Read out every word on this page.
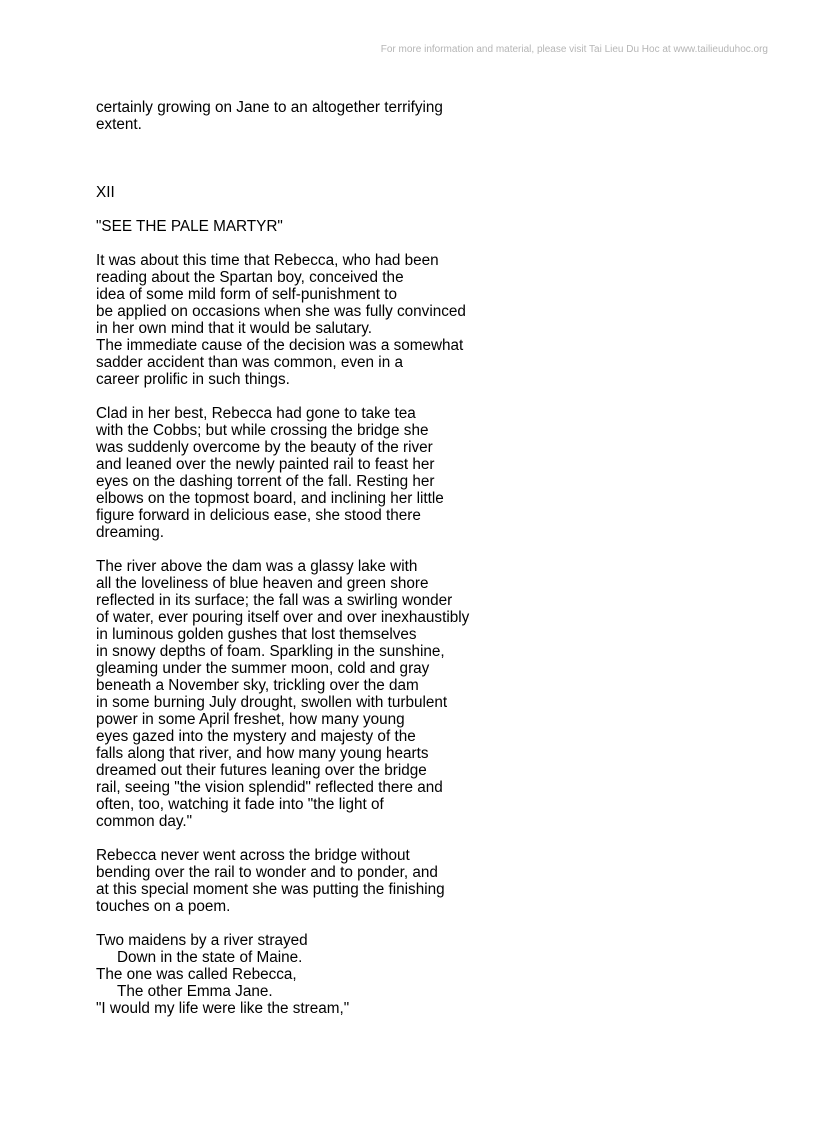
For more information and material, please visit Tai Lieu Du Hoc at www.tailieuduhoc.org
certainly growing on Jane to an altogether terrifying
extent.
XII
"SEE THE PALE MARTYR"
It was about this time that Rebecca, who had been
reading about the Spartan boy, conceived the
idea of some mild form of self-punishment to
be applied on occasions when she was fully convinced
in her own mind that it would be salutary.
The immediate cause of the decision was a somewhat
sadder accident than was common, even in a
career prolific in such things.
Clad in her best, Rebecca had gone to take tea
with the Cobbs; but while crossing the bridge she
was suddenly overcome by the beauty of the river
and leaned over the newly painted rail to feast her
eyes on the dashing torrent of the fall. Resting her
elbows on the topmost board, and inclining her little
figure forward in delicious ease, she stood there
dreaming.
The river above the dam was a glassy lake with
all the loveliness of blue heaven and green shore
reflected in its surface; the fall was a swirling wonder
of water, ever pouring itself over and over inexhaustibly
in luminous golden gushes that lost themselves
in snowy depths of foam. Sparkling in the sunshine,
gleaming under the summer moon, cold and gray
beneath a November sky, trickling over the dam
in some burning July drought, swollen with turbulent
power in some April freshet, how many young
eyes gazed into the mystery and majesty of the
falls along that river, and how many young hearts
dreamed out their futures leaning over the bridge
rail, seeing "the vision splendid" reflected there and
often, too, watching it fade into "the light of
common day."
Rebecca never went across the bridge without
bending over the rail to wonder and to ponder, and
at this special moment she was putting the finishing
touches on a poem.
Two maidens by a river strayed
Down in the state of Maine.
The one was called Rebecca,
The other Emma Jane.
"I would my life were like the stream,"
